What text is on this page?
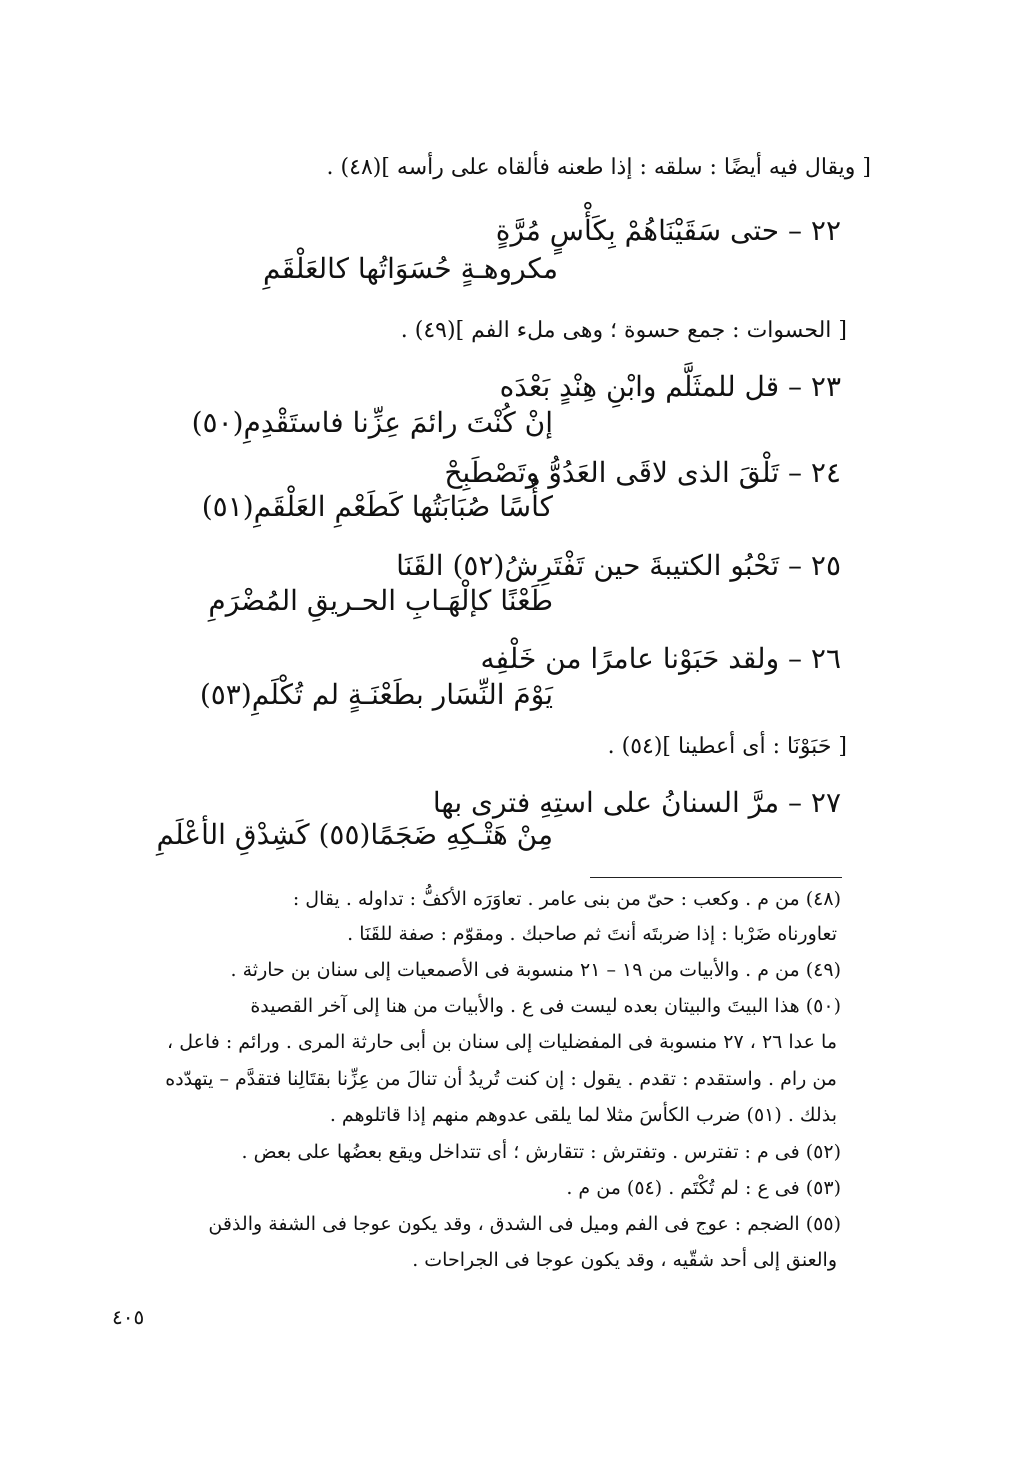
[ ويقال فيه أيضًا : سلقه : إذا طعنه فألقاه على رأسه ](٤٨) .
٢٢ – حتى سَقَيْنَاهُمْ بِكَأْسٍ مُرَّةٍ
مكروهـةٍ حُسَوَاتُها كالعَلْقَمِ
[ الحسوات : جمع حسوة ؛ وهى ملء الفم ](٤٩) .
٢٣ – قل للمثَلَّم وابْنِ هِنْدٍ بَعْدَه
إنْ كُنْتَ رائمَ عِزِّنا فاستَقْدِمِ(٥٠)
٢٤ – تَلْقَ الذى لاقَى العَدُوُّ وتَصْطَبِحْ
كأْسًا صُبَابَتُها كَطَعْمِ العَلْقَمِ(٥١)
٢٥ – تَحْبُو الكتيبةَ حين تَفْتَرِشُ(٥٢) القَنَا
طَعْنًا كإلْهَـابِ الحـريقِ المُضْرَمِ
٢٦ – ولقد حَبَوْنا عامرًا من خَلْفِه
يَوْمَ النِّسَار بطَعْنَـةٍ لم تُكْلَمِ(٥٣)
[ حَبَوْنَا : أى أعطينا ](٥٤) .
٢٧ – مرَّ السنانُ على استِهِ فترى بها
مِنْ هَتْـكِهِ ضَجَمًا(٥٥) كَشِدْقِ الأعْلَمِ
(٤٨) من م . وكعب : حىّ من بنى عامر . تعاوَرَه الأكفُّ : تداوله . يقال :
تعاورناه ضَرْبا : إذا ضربتَه أنتَ ثم صاحبك . ومقوّم : صفة للقَنَا .
(٤٩) من م . والأبيات من ١٩ – ٢١ منسوبة فى الأصمعيات إلى سنان بن حارثة .
(٥٠) هذا البيتَ والبيتان بعده ليست فى ع . والأبيات من هنا إلى آخر القصيدة
ما عدا ٢٦ ، ٢٧ منسوبة فى المفضليات إلى سنان بن أبى حارثة المرى . ورائم : فاعل ،
من رام . واستقدم : تقدم . يقول : إن كنت تُريدُ أن تنالَ من عِزِّنا بقتَالِنا فتقدَّم – يتهدّده
بذلك . (٥١) ضرب الكأسَ مثلا لما يلقى عدوهم منهم إذا قاتلوهم .
(٥٢) فى م : تفترس . وتفترش : تتقارش ؛ أى تتداخل ويقع بعضُها على بعض .
(٥٣) فى ع : لم تُكْتَم . (٥٤) من م .
(٥٥) الضجم : عوج فى الفم وميل فى الشدق ، وقد يكون عوجا فى الشفة والذقن
والعنق إلى أحد شقّيه ، وقد يكون عوجا فى الجراحات .
٤٠٥
